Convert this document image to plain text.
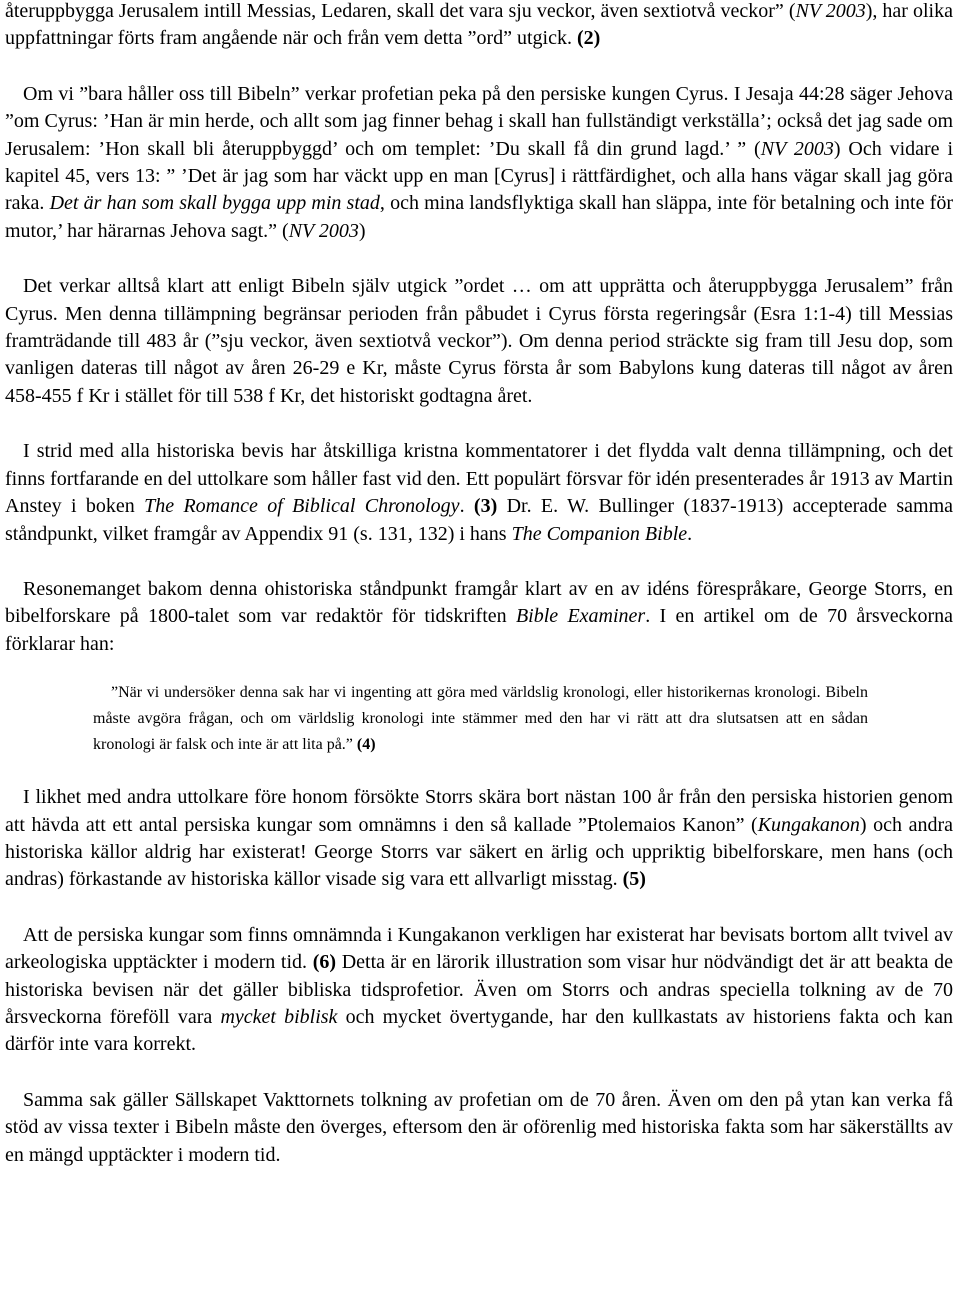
återuppbygga Jerusalem intill Messias, Ledaren, skall det vara sju veckor, även sextiotvå veckor” (NV 2003), har olika uppfattningar förts fram angående när och från vem detta ”ord” utgick. (2)

Om vi ”bara håller oss till Bibeln” verkar profetian peka på den persiske kungen Cyrus. I Jesaja 44:28 säger Jehova ”om Cyrus: ’Han är min herde, och allt som jag finner behag i skall han fullständigt verkställa’; också det jag sade om Jerusalem: ’Hon skall bli återuppbyggd’ och om templet: ’Du skall få din grund lagd.’ ” (NV 2003) Och vidare i kapitel 45, vers 13: ” ’Det är jag som har väckt upp en man [Cyrus] i rättfärdighet, och alla hans vägar skall jag göra raka. Det är han som skall bygga upp min stad, och mina landsflyktiga skall han släppa, inte för betalning och inte för mutor,’ har härarnas Jehova sagt.” (NV 2003)

Det verkar alltså klart att enligt Bibeln själv utgick ”ordet … om att upprätta och återuppbygga Jerusalem” från Cyrus. Men denna tillämpning begränsar perioden från påbudet i Cyrus första regeringsår (Esra 1:1-4) till Messias framträdande till 483 år (”sju veckor, även sextiotvå veckor”). Om denna period sträckte sig fram till Jesu dop, som vanligen dateras till något av åren 26-29 e Kr, måste Cyrus första år som Babylons kung dateras till något av åren 458-455 f Kr i stället för till 538 f Kr, det historiskt godtagna året.

I strid med alla historiska bevis har åtskilliga kristna kommentatorer i det flydda valt denna tillämpning, och det finns fortfarande en del uttolkare som håller fast vid den. Ett populärt försvar för idén presenterades år 1913 av Martin Anstey i boken The Romance of Biblical Chronology. (3) Dr. E. W. Bullinger (1837-1913) accepterade samma ståndpunkt, vilket framgår av Appendix 91 (s. 131, 132) i hans The Companion Bible.

Resonemanget bakom denna ohistoriska ståndpunkt framgår klart av en av idéns förespråkare, George Storrs, en bibelforskare på 1800-talet som var redaktör för tidskriften Bible Examiner. I en artikel om de 70 årsveckorna förklarar han:

”När vi undersöker denna sak har vi ingenting att göra med världslig kronologi, eller historikernas kronologi. Bibeln måste avgöra frågan, och om världslig kronologi inte stämmer med den har vi rätt att dra slutsatsen att en sådan kronologi är falsk och inte är att lita på.” (4)

I likhet med andra uttolkare före honom försökte Storrs skära bort nästan 100 år från den persiska historien genom att hävda att ett antal persiska kungar som omnämns i den så kallade ”Ptolemaios Kanon” (Kungakanon) och andra historiska källor aldrig har existerat! George Storrs var säkert en ärlig och uppriktig bibelforskare, men hans (och andras) förkastande av historiska källor visade sig vara ett allvarligt misstag. (5)

Att de persiska kungar som finns omnämnda i Kungakanon verkligen har existerat har bevisats bortom allt tvivel av arkeologiska upptäckter i modern tid. (6) Detta är en lärorik illustration som visar hur nödvändigt det är att beakta de historiska bevisen när det gäller bibliska tidsprofetior. Även om Storrs och andras speciella tolkning av de 70 årsveckorna föreföll vara mycket biblisk och mycket övertygande, har den kullkastats av historiens fakta och kan därför inte vara korrekt.

Samma sak gäller Sällskapet Vakttornets tolkning av profetian om de 70 åren. Även om den på ytan kan verka få stöd av vissa texter i Bibeln måste den överges, eftersom den är oförenlig med historiska fakta som har säkerställts av en mängd upptäckter i modern tid.
